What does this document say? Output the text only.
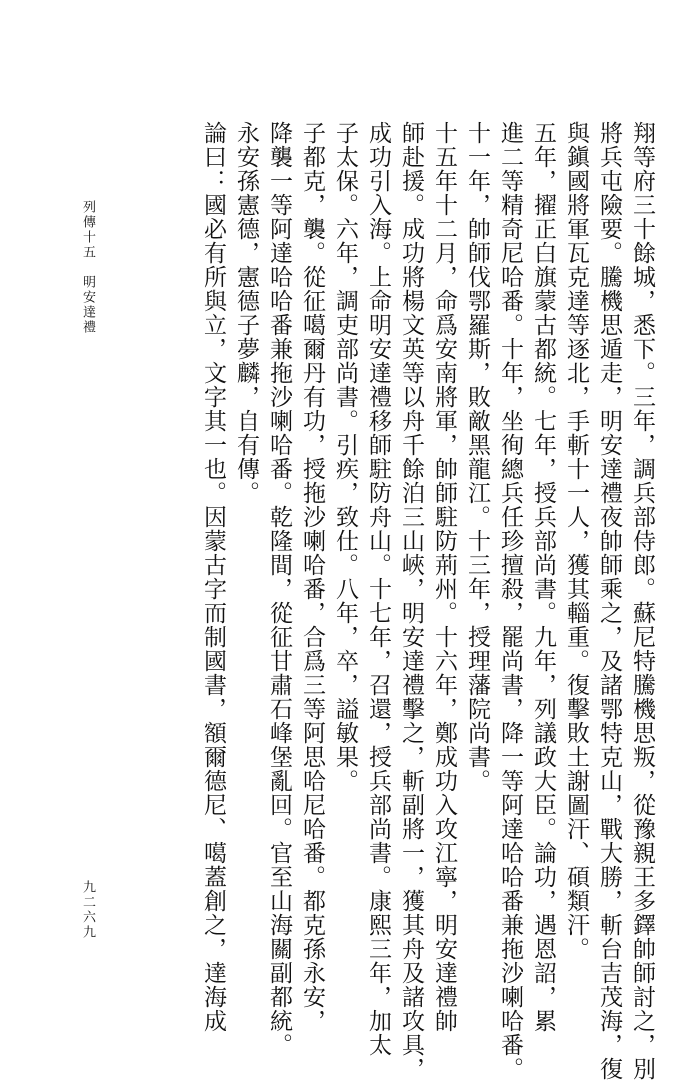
翔等府三十餘城，悉下。三年，調兵部侍郎。蘇尼特騰機思叛，從豫親王多鐸帥師討之，別
將兵屯險要。騰機思遁走，明安達禮夜帥師乘之，及諸鄂特克山，戰大勝，斬台吉茂海，復
與鎭國將軍瓦克達等逐北，手斬十一人，獲其輜重。復擊敗土謝圖汗、碩類汗。
五年，擢正白旗蒙古都統。七年，授兵部尚書。九年，列議政大臣。論功，遇恩詔，累
進二等精奇尼哈番。十年，坐徇總兵任珍擅殺，罷尚書，降一等阿達哈哈番兼拖沙喇哈番。
十一年，帥師伐鄂羅斯，敗敵黑龍江。十三年，授理藩院尚書。
十五年十二月，命爲安南將軍，帥師駐防荊州。十六年，鄭成功入攻江寧，明安達禮帥
師赴援。成功將楊文英等以舟千餘泊三山峽，明安達禮擊之，斬副將一，獲其舟及諸攻具，
成功引入海。上命明安達禮移師駐防舟山。十七年，召還，授兵部尚書。康熙三年，加太
子太保。六年，調吏部尚書。引疾，致仕。八年，卒，謚敏果。
子都克，襲。從征噶爾丹有功，授拖沙喇哈番，合爲三等阿思哈尼哈番。都克孫永安，
降襲一等阿達哈哈番兼拖沙喇哈番。乾隆間，從征甘肅石峰堡亂回。官至山海關副都統。
永安孫憲德，憲德子夢麟，自有傳。
論曰：國必有所與立，文字其一也。因蒙古字而制國書，額爾德尼、噶蓋創之，達海成
列傳十五　明安達禮
九二六九
